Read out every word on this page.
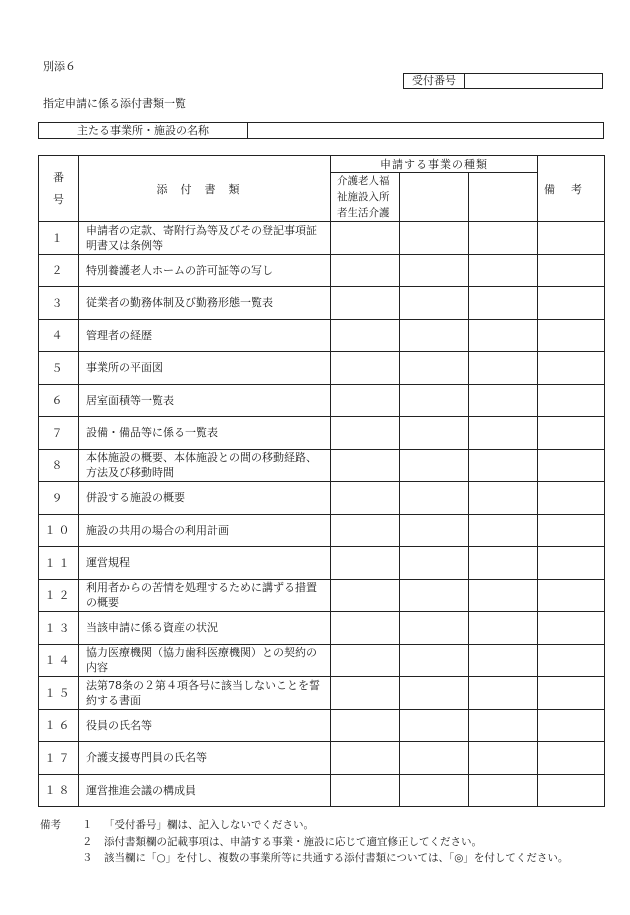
別添６
受付番号
指定申請に係る添付書類一覧
主たる事業所・施設の名称
番
号	添付書類	申請する事業の種類			備考
		介護老人福祉施設入所者生活介護			
１	申請者の定款、寄附行為等及びその登記事項証明書又は条例等				
２	特別養護老人ホームの許可証等の写し				
３	従業者の勤務体制及び勤務形態一覧表				
４	管理者の経歴				
５	事業所の平面図				
６	居室面積等一覧表				
７	設備・備品等に係る一覧表				
８	本体施設の概要、本体施設との間の移動経路、方法及び移動時間				
９	併設する施設の概要				
１０	施設の共用の場合の利用計画				
１１	運営規程				
１２	利用者からの苦情を処理するために講ずる措置の概要				
１３	当該申請に係る資産の状況				
１４	協力医療機関（協力歯科医療機関）との契約の内容				
１５	法第78条の２第４項各号に該当しないことを誓約する書面				
１６	役員の氏名等				
１７	介護支援専門員の氏名等				
１８	運営推進会議の構成員				
備考 １ 「受付番号」欄は、記入しないでください。
２ 添付書類欄の記載事項は、申請する事業・施設に応じて適宜修正してください。
３ 該当欄に「○」を付し、複数の事業所等に共通する添付書類については、「◎」を付してください。
